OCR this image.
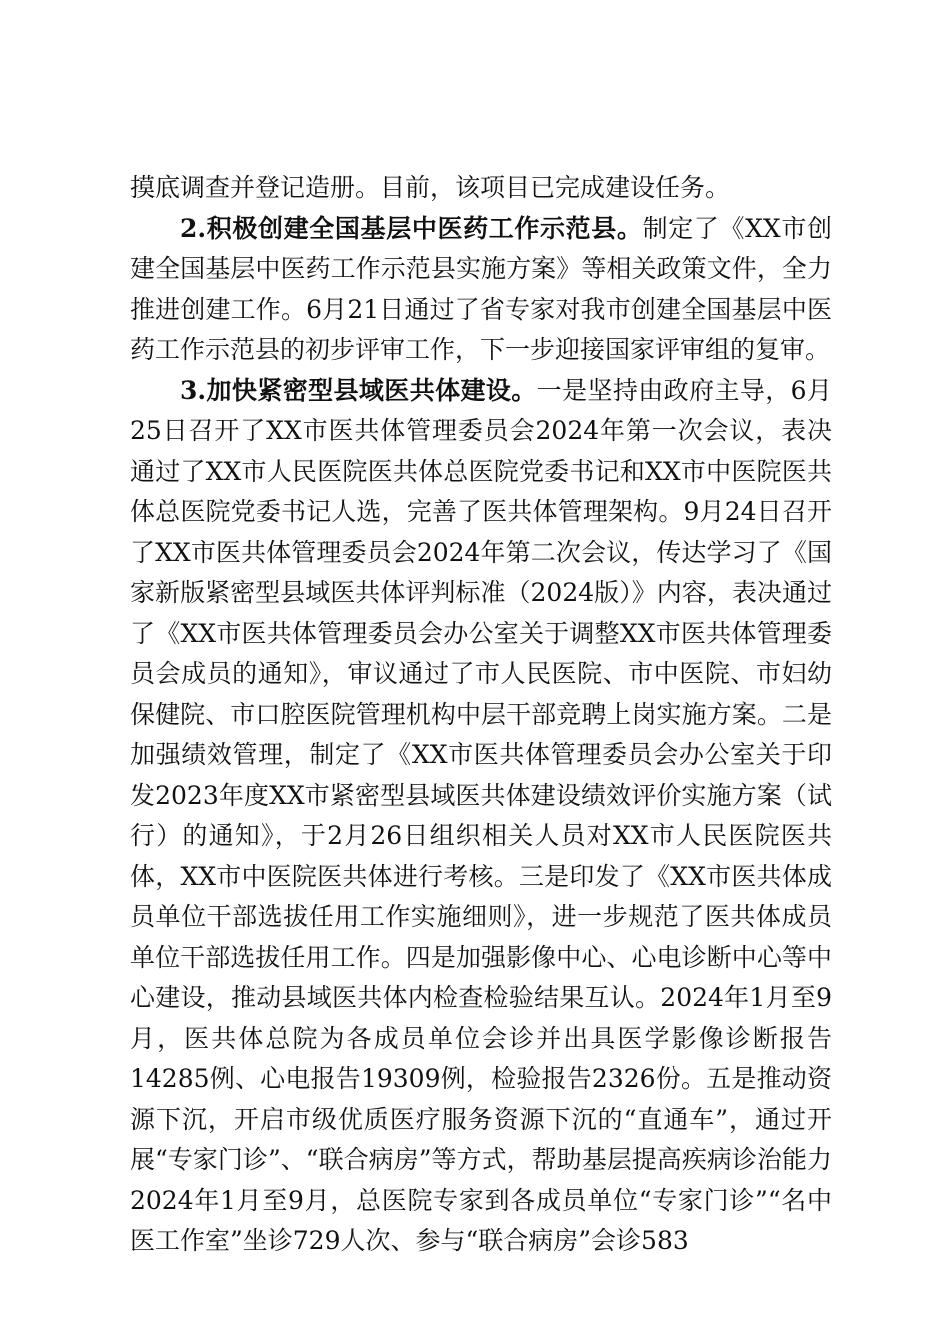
摸底调查并登记造册。目前，该项目已完成建设任务。

2.积极创建全国基层中医药工作示范县。制定了《XX市创建全国基层中医药工作示范县实施方案》等相关政策文件，全力推进创建工作。6月21日通过了省专家对我市创建全国基层中医药工作示范县的初步评审工作，下一步迎接国家评审组的复审。

3.加快紧密型县域医共体建设。一是坚持由政府主导，6月25日召开了XX市医共体管理委员会2024年第一次会议，表决通过了XX市人民医院医共体总医院党委书记和XX市中医院医共体总医院党委书记人选，完善了医共体管理架构。9月24日召开了XX市医共体管理委员会2024年第二次会议，传达学习了《国家新版紧密型县域医共体评判标准（2024版）》内容，表决通过了《XX市医共体管理委员会办公室关于调整XX市医共体管理委员会成员的通知》，审议通过了市人民医院、市中医院、市妇幼保健院、市口腔医院管理机构中层干部竞聘上岗实施方案。二是加强绩效管理，制定了《XX市医共体管理委员会办公室关于印发2023年度XX市紧密型县域医共体建设绩效评价实施方案（试行）的通知》，于2月26日组织相关人员对XX市人民医院医共体，XX市中医院医共体进行考核。三是印发了《XX市医共体成员单位干部选拔任用工作实施细则》，进一步规范了医共体成员单位干部选拔任用工作。四是加强影像中心、心电诊断中心等中心建设，推动县域医共体内检查检验结果互认。2024年1月至9月，医共体总院为各成员单位会诊并出具医学影像诊断报告14285例、心电报告19309例，检验报告2326份。五是推动资源下沉，开启市级优质医疗服务资源下沉的“直通车”，通过开展“专家门诊”、“联合病房”等方式，帮助基层提高疾病诊治能力2024年1月至9月，总医院专家到各成员单位“专家门诊”“名中医工作室”坐诊729人次、参与“联合病房”会诊583
